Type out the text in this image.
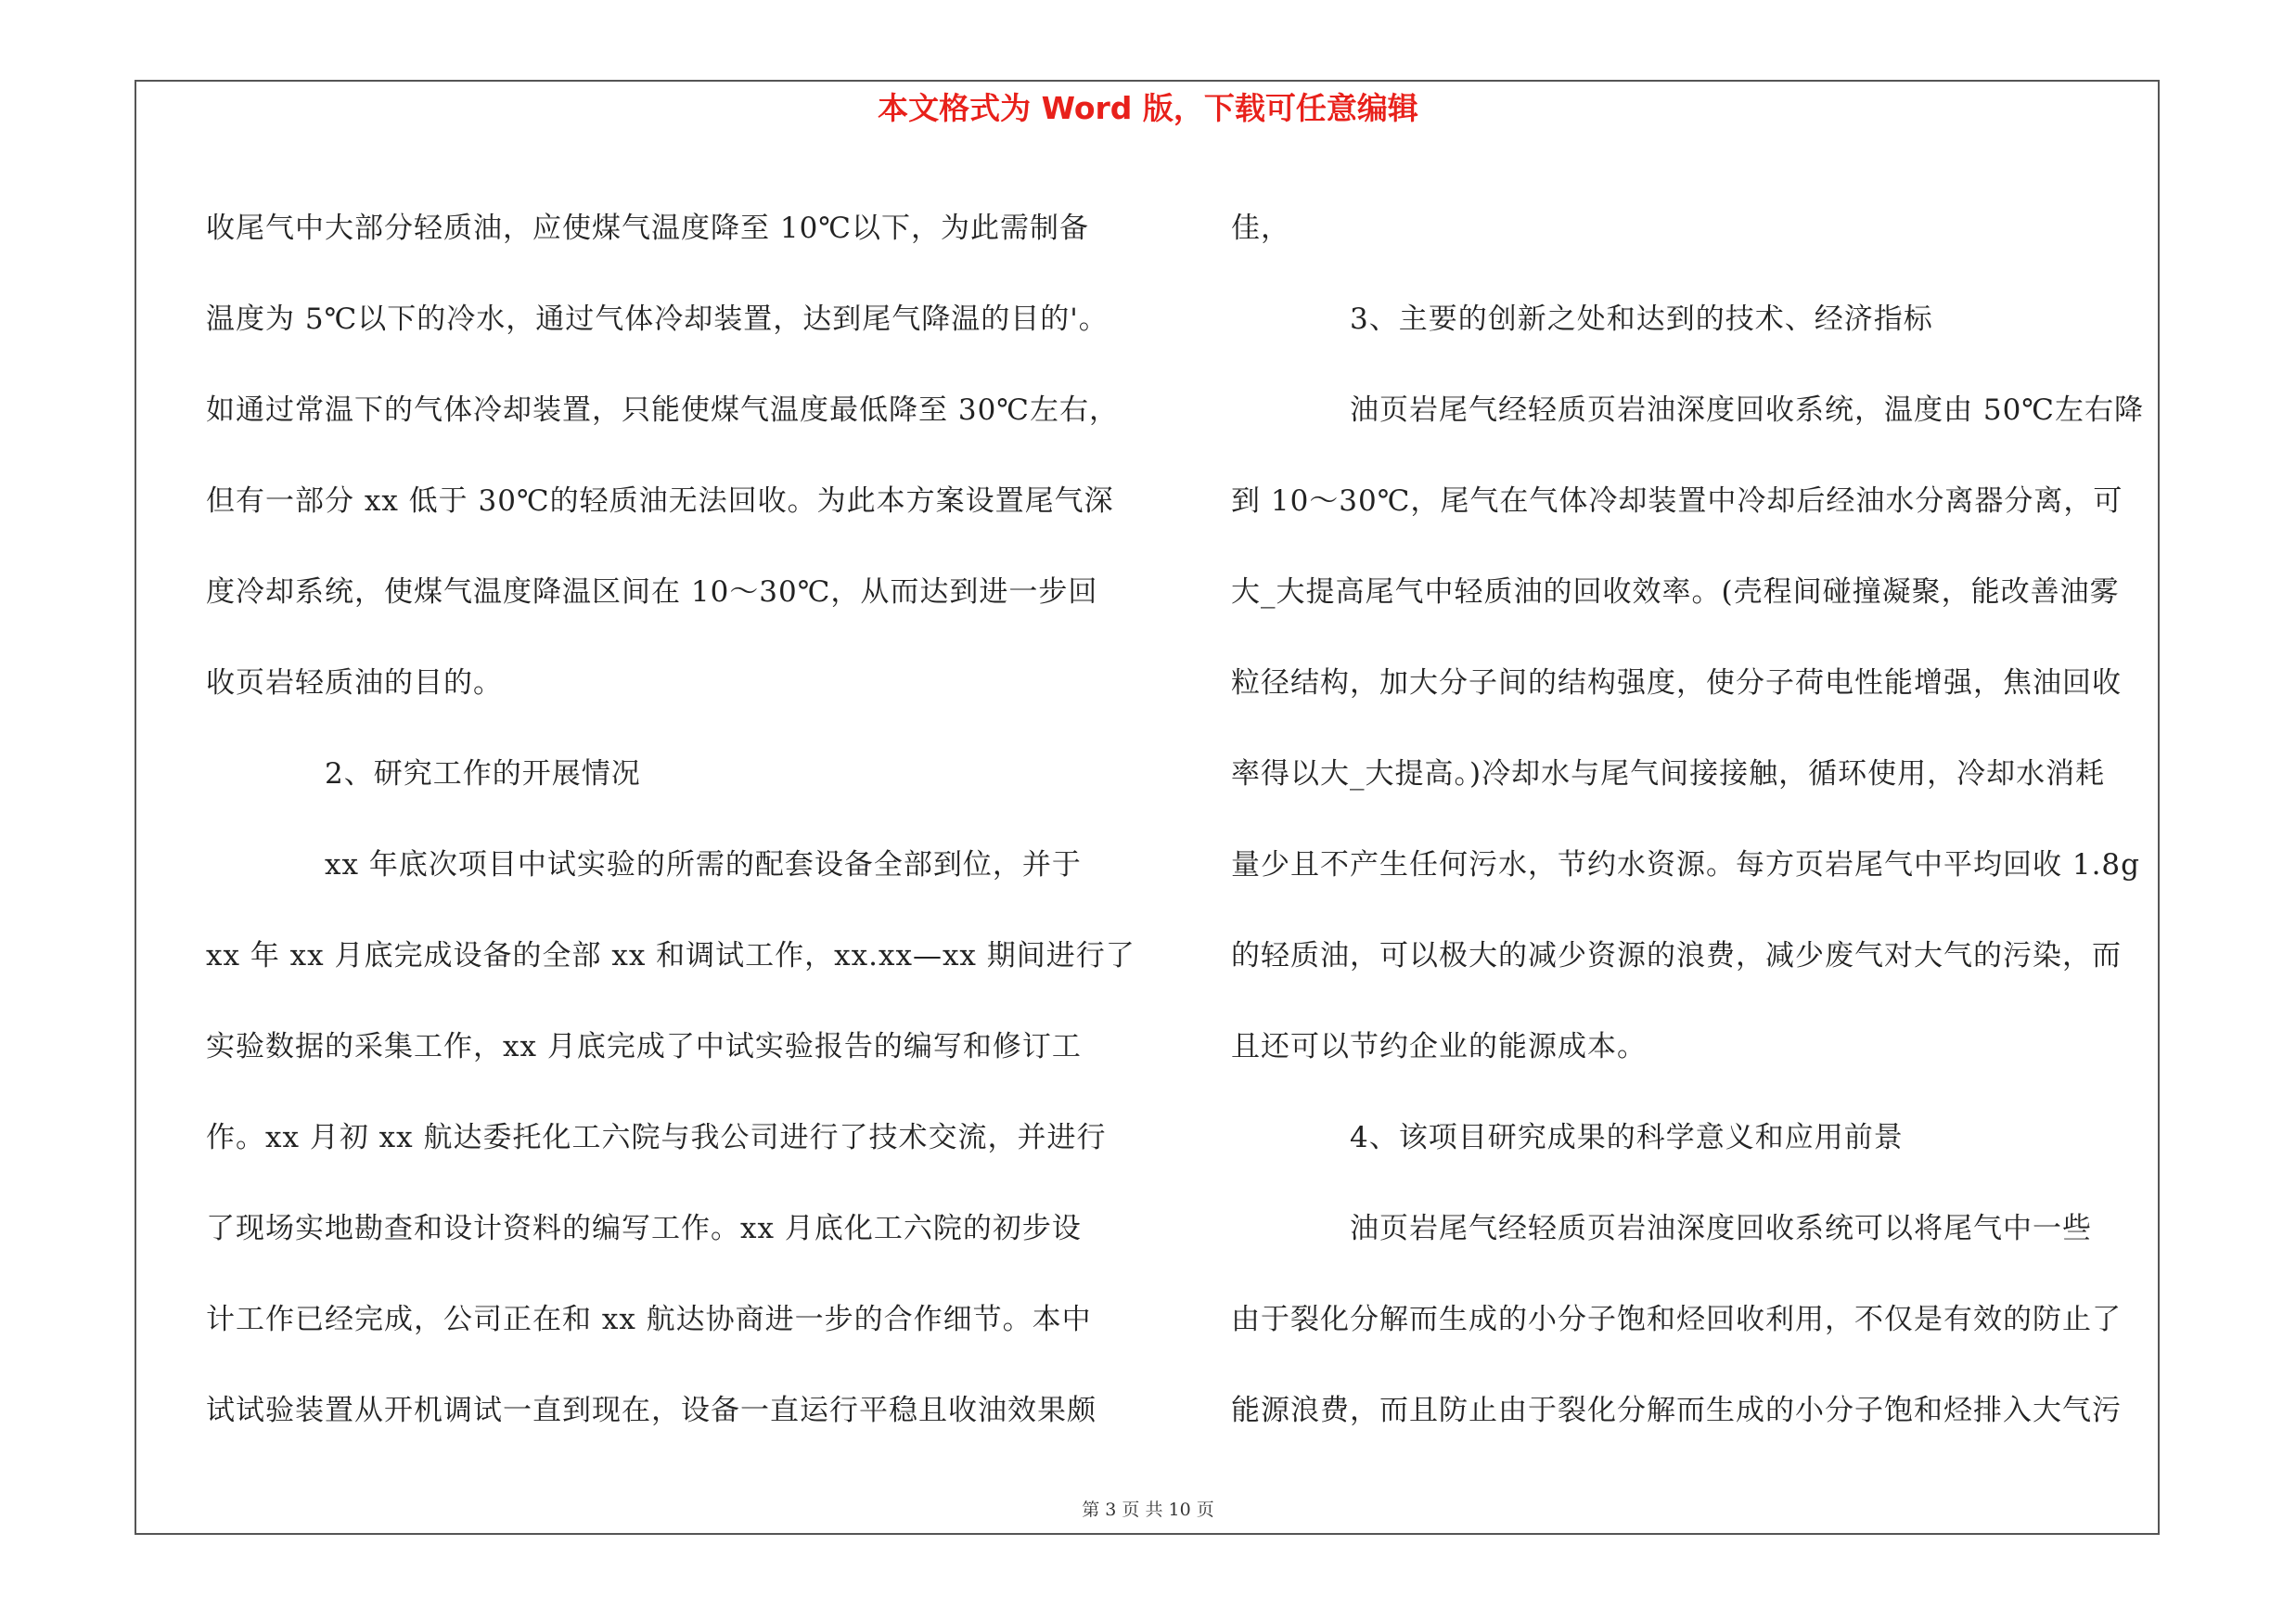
本文格式为 Word 版，下载可任意编辑
收尾气中大部分轻质油，应使煤气温度降至 10℃以下，为此需制备
温度为 5℃以下的冷水，通过气体冷却装置，达到尾气降温的目的'。
如通过常温下的气体冷却装置，只能使煤气温度最低降至 30℃左右，
但有一部分 xx 低于 30℃的轻质油无法回收。为此本方案设置尾气深
度冷却系统，使煤气温度降温区间在 10～30℃，从而达到进一步回
收页岩轻质油的目的。
2、研究工作的开展情况
xx 年底次项目中试实验的所需的配套设备全部到位，并于
xx 年 xx 月底完成设备的全部 xx 和调试工作，xx.xx—xx 期间进行了
实验数据的采集工作，xx 月底完成了中试实验报告的编写和修订工
作。xx 月初 xx 航达委托化工六院与我公司进行了技术交流，并进行
了现场实地勘查和设计资料的编写工作。xx 月底化工六院的初步设
计工作已经完成，公司正在和 xx 航达协商进一步的合作细节。本中
试试验装置从开机调试一直到现在，设备一直运行平稳且收油效果颇
佳，
3、主要的创新之处和达到的技术、经济指标
油页岩尾气经轻质页岩油深度回收系统，温度由 50℃左右降
到 10～30℃，尾气在气体冷却装置中冷却后经油水分离器分离，可
大_大提高尾气中轻质油的回收效率。(壳程间碰撞凝聚，能改善油雾
粒径结构，加大分子间的结构强度，使分子荷电性能增强，焦油回收
率得以大_大提高。)冷却水与尾气间接接触，循环使用，冷却水消耗
量少且不产生任何污水，节约水资源。每方页岩尾气中平均回收 1.8g
的轻质油，可以极大的减少资源的浪费，减少废气对大气的污染，而
且还可以节约企业的能源成本。
4、该项目研究成果的科学意义和应用前景
油页岩尾气经轻质页岩油深度回收系统可以将尾气中一些
由于裂化分解而生成的小分子饱和烃回收利用，不仅是有效的防止了
能源浪费，而且防止由于裂化分解而生成的小分子饱和烃排入大气污
第 3 页 共 10 页
